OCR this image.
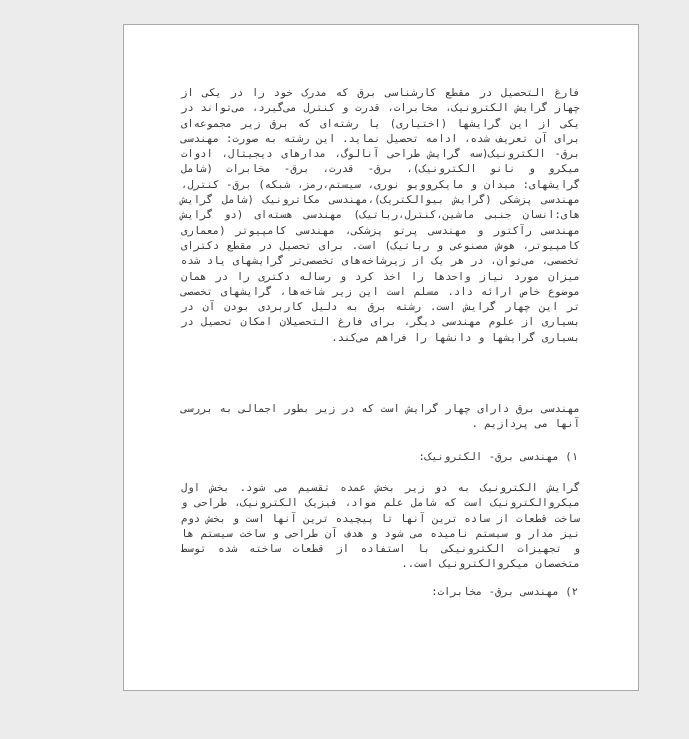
فارغ التحصیل در مقطع کارشناسی برق که مدرک خود را در یکی از چهار گرایش الکترونیک، مخابرات، قدرت و کنترل می‌گیرد، می‌تواند در یکی از این گرایشها (اختیاری) یا رشته‌ای که برق زیر مجموعه‌ای برای آن تعریف شده، ادامه تحصیل نماید. این رشته به صورت: مهندسی برق- الکترونیک(سه گرایش طراحی آنالوگ، مدارهای دیجیتال، ادوات میکرو و نانو الکترونیک)، برق- قدرت، برق- مخابرات (شامل گرایشهای: میدان و مایکروویو نوری، سیستم،رمز، شبکه) برق- کنترل، مهندسی پزشکی (گرایش بیوالکتریک)،مهندسی مکاترونیک (شامل گرایش های:انسان جنبی ماشین،کنترل،رباتیک) مهندسی هسته‌ای (دو گرایش مهندسی رآکتور و مهندسی پرتو پزشکی، مهندسی کامپیوتر (معماری کامپیوتر، هوش مصنوعی و رباتیک) است. برای تحصیل در مقطع دکترای تخصصی، می‌توان، در هر یک از زیرشاخه‌های تخصصی‌تر گرایشهای یاد شده میزان مورد نیاز واحدها را اخذ کرد و رساله دکتری را در همان موضوع خاص ارائه داد. مسلم است این زیر شاخه‌ها، گرایشهای تخصصی تر این چهار گرایش است. رشته برق به دلیل کاربردی بودن آن در بسیاری از علوم مهندسی دیگر، برای فارغ التحصیلان امکان تحصیل در بسیاری گرایشها و دانشها را فراهم می‌کند.

مهندسی برق دارای چهار گرایش است که در زیر بطور اجمالی به بررسی آنها می پردازیم .

۱) مهندسی برق- الکترونیک:

گرایش الکترونیک به دو زیر بخش عمده تقسیم می شود. بخش اول میکروالکترونیک است که شامل علم مواد، فیزیک الکترونیک، طراحی و ساخت قطعات از ساده ترین آنها تا پیچیده ترین آنها است و بخش دوم نیز مدار و سیستم نامیده می شود و هدف آن طراحی و ساخت سیستم ها و تجهیزات الکترونیکی با استفاده از قطعات ساخته شده توسط متخصصان میکروالکترونیک است..

۲) مهندسی برق- مخابرات:
